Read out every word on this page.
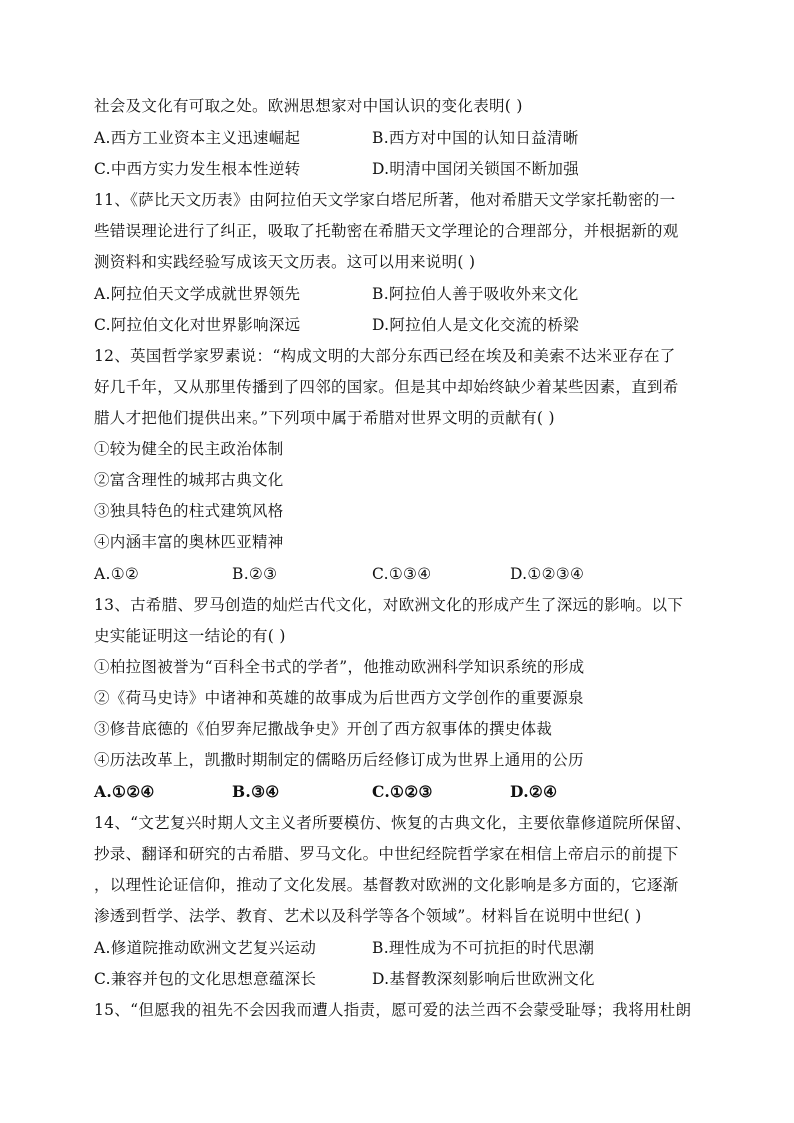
社会及文化有可取之处。欧洲思想家对中国认识的变化表明( )
A.西方工业资本主义迅速崛起	B.西方对中国的认知日益清晰
C.中西方实力发生根本性逆转	D.明清中国闭关锁国不断加强
11、《萨比天文历表》由阿拉伯天文学家白塔尼所著，他对希腊天文学家托勒密的一
些错误理论进行了纠正，吸取了托勒密在希腊天文学理论的合理部分，并根据新的观
测资料和实践经验写成该天文历表。这可以用来说明( )
A.阿拉伯天文学成就世界领先	B.阿拉伯人善于吸收外来文化
C.阿拉伯文化对世界影响深远	D.阿拉伯人是文化交流的桥梁
12、英国哲学家罗素说：“构成文明的大部分东西已经在埃及和美索不达米亚存在了
好几千年，又从那里传播到了四邻的国家。但是其中却始终缺少着某些因素，直到希
腊人才把他们提供出来。”下列项中属于希腊对世界文明的贡献有( )
①较为健全的民主政治体制
②富含理性的城邦古典文化
③独具特色的柱式建筑风格
④内涵丰富的奥林匹亚精神
A.①②	B.②③	C.①③④	D.①②③④
13、古希腊、罗马创造的灿烂古代文化，对欧洲文化的形成产生了深远的影响。以下
史实能证明这一结论的有( )
①柏拉图被誉为“百科全书式的学者”，他推动欧洲科学知识系统的形成
②《荷马史诗》中诸神和英雄的故事成为后世西方文学创作的重要源泉
③修昔底德的《伯罗奔尼撒战争史》开创了西方叙事体的撰史体裁
④历法改革上，凯撒时期制定的儒略历后经修订成为世界上通用的公历
A.①②④	B.③④	C.①②③	D.②④
14、“文艺复兴时期人文主义者所要模仿、恢复的古典文化，主要依靠修道院所保留、
抄录、翻译和研究的古希腊、罗马文化。中世纪经院哲学家在相信上帝启示的前提下
，以理性论证信仰，推动了文化发展。基督教对欧洲的文化影响是多方面的，它逐渐
渗透到哲学、法学、教育、艺术以及科学等各个领域”。材料旨在说明中世纪( )
A.修道院推动欧洲文艺复兴运动	B.理性成为不可抗拒的时代思潮
C.兼容并包的文化思想意蕴深长	D.基督教深刻影响后世欧洲文化
15、“但愿我的祖先不会因我而遭人指责，愿可爱的法兰西不会蒙受耻辱；我将用杜朗
